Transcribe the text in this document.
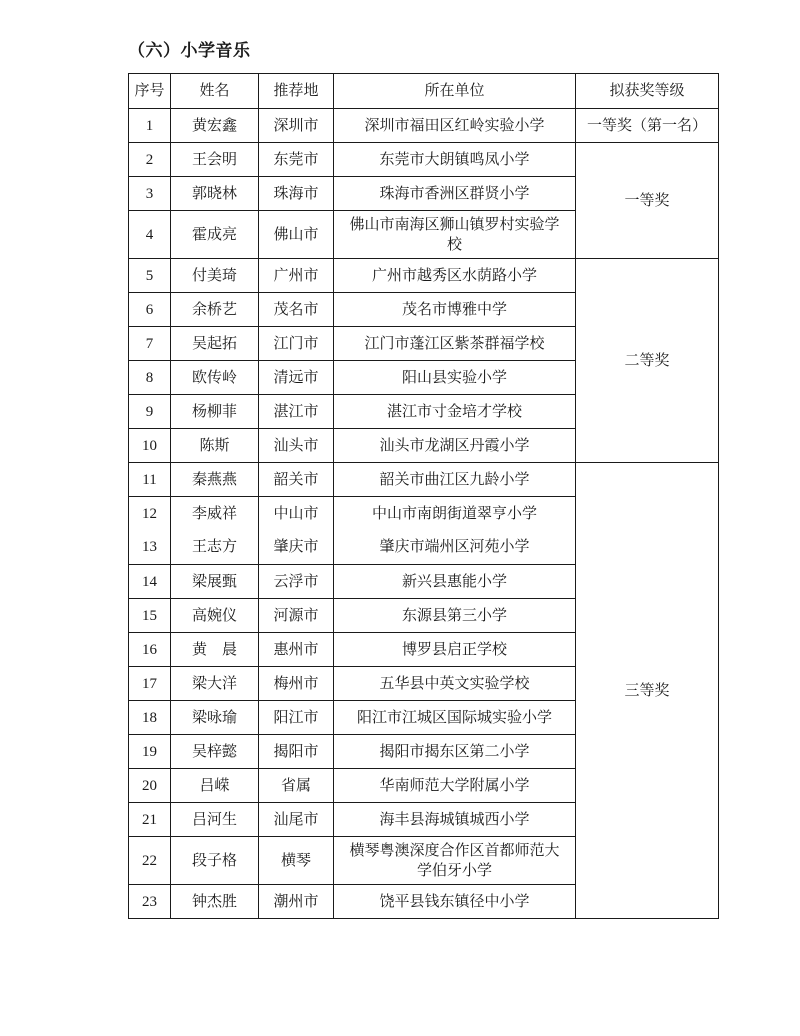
（六）小学音乐
序号	姓名	推荐地	所在单位	拟获奖等级
1	黄宏鑫	深圳市	深圳市福田区红岭实验小学	一等奖（第一名）
2	王会明	东莞市	东莞市大朗镇鸣凤小学	一等奖
3	郭晓林	珠海市	珠海市香洲区群贤小学	
4	霍成亮	佛山市	佛山市南海区狮山镇罗村实验学校	
5	付美琦	广州市	广州市越秀区水荫路小学	二等奖
6	余桥艺	茂名市	茂名市博雅中学	
7	吴起拓	江门市	江门市蓬江区紫茶群福学校	
8	欧传岭	清远市	阳山县实验小学	
9	杨柳菲	湛江市	湛江市寸金培才学校	
10	陈斯	汕头市	汕头市龙湖区丹霞小学	
11	秦燕燕	韶关市	韶关市曲江区九龄小学	三等奖
12	李威祥	中山市	中山市南朗街道翠亨小学	
13	王志方	肇庆市	肇庆市端州区河苑小学	
14	梁展甄	云浮市	新兴县惠能小学	
15	高婉仪	河源市	东源县第三小学	
16	黄　晨	惠州市	博罗县启正学校	
17	梁大洋	梅州市	五华县中英文实验学校	
18	梁咏瑜	阳江市	阳江市江城区国际城实验小学	
19	吴梓懿	揭阳市	揭阳市揭东区第二小学	
20	吕嵘	省属	华南师范大学附属小学	
21	吕河生	汕尾市	海丰县海城镇城西小学	
22	段子格	横琴	横琴粤澳深度合作区首都师范大学伯牙小学	
23	钟杰胜	潮州市	饶平县钱东镇径中小学	
